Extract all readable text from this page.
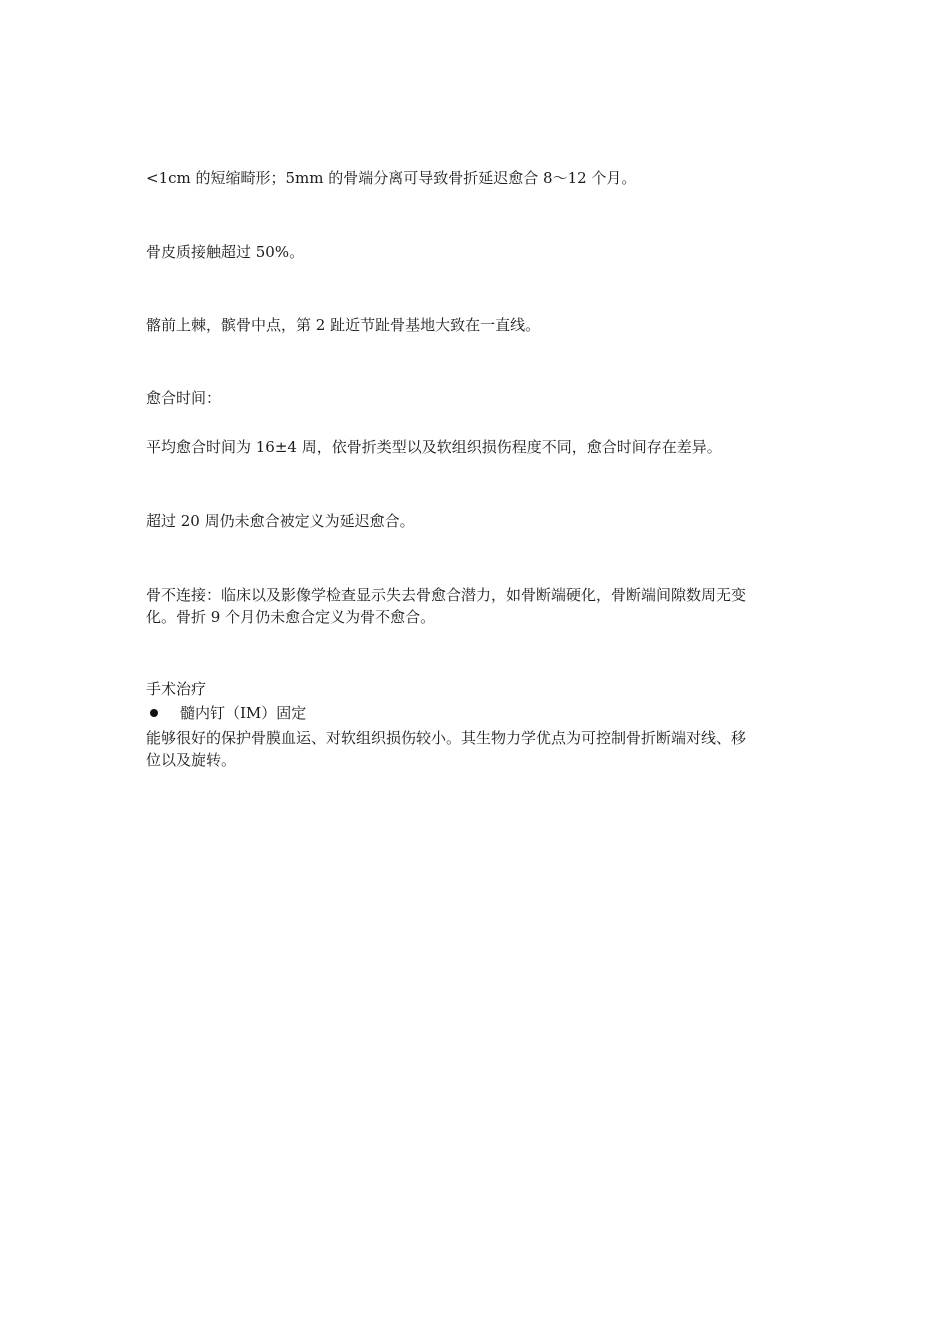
<1cm 的短缩畸形；5mm 的骨端分离可导致骨折延迟愈合 8～12 个月。
骨皮质接触超过 50%。
髂前上棘，髌骨中点，第 2 趾近节趾骨基地大致在一直线。
愈合时间：
平均愈合时间为 16±4 周，依骨折类型以及软组织损伤程度不同，愈合时间存在差异。
超过 20 周仍未愈合被定义为延迟愈合。
骨不连接：临床以及影像学检查显示失去骨愈合潜力，如骨断端硬化，骨断端间隙数周无变
化。骨折 9 个月仍未愈合定义为骨不愈合。
手术治疗
髓内钉（IM）固定
能够很好的保护骨膜血运、对软组织损伤较小。其生物力学优点为可控制骨折断端对线、移
位以及旋转。
